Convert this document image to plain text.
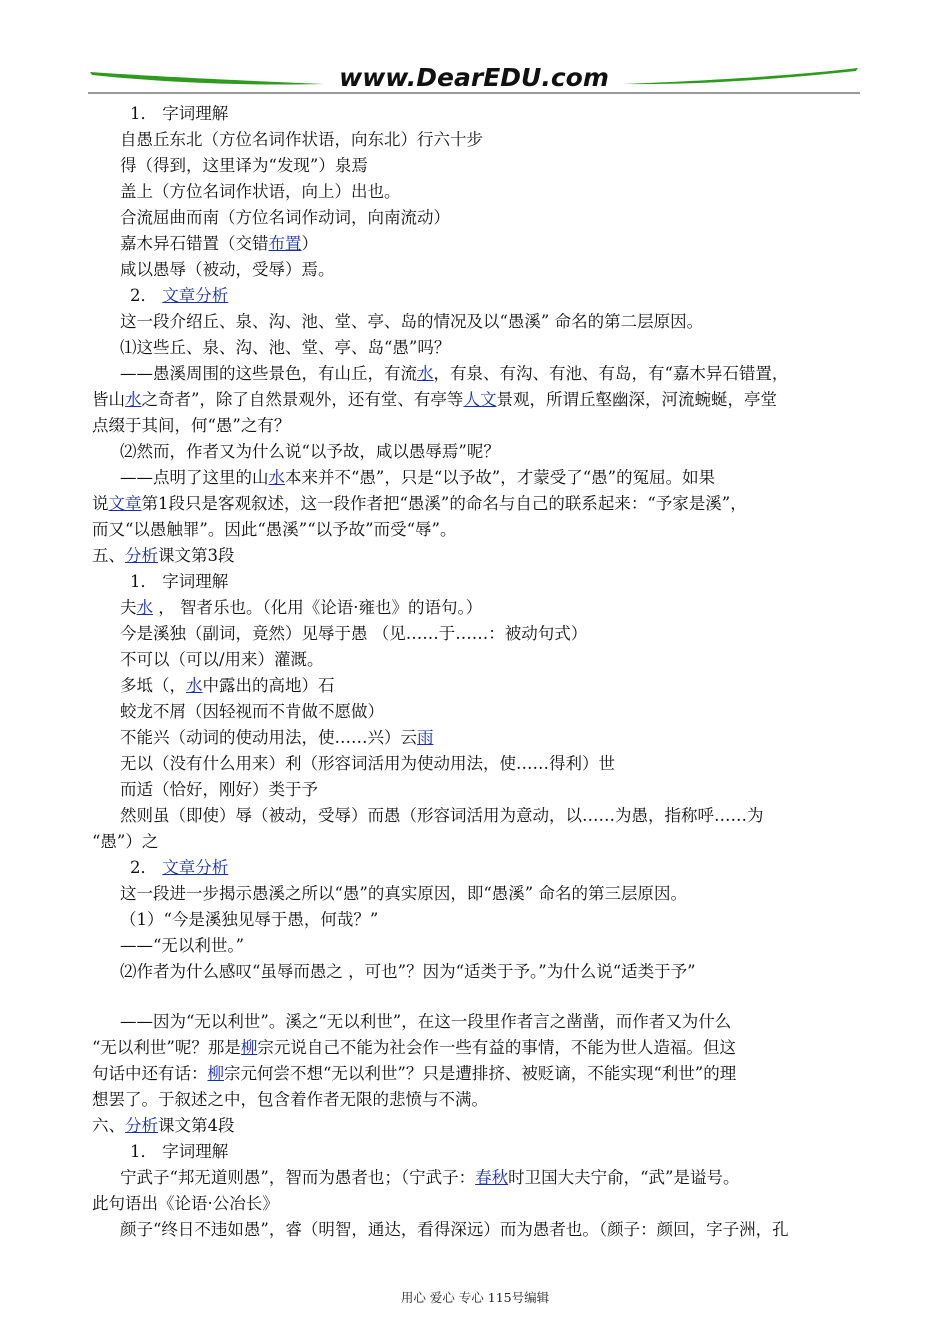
www.DearEDU.com
1． 字词理解
自愚丘东北（方位名词作状语，向东北）行六十步
得（得到，这里译为“发现”）泉焉
盖上（方位名词作状语，向上）出也。
合流屈曲而南（方位名词作动词，向南流动）
嘉木异石错置（交错布置）
咸以愚辱（被动，受辱）焉。
2． 文章分析
这一段介绍丘、泉、沟、池、堂、亭、岛的情况及以“愚溪” 命名的第二层原因。
⑴这些丘、泉、沟、池、堂、亭、岛“愚”吗？
——愚溪周围的这些景色，有山丘，有流水，有泉、有沟、有池、有岛，有“嘉木异石错置，
皆山水之奇者”，除了自然景观外，还有堂、有亭等人文景观，所谓丘壑幽深，河流蜿蜒，亭堂
点缀于其间，何“愚”之有？
⑵然而，作者又为什么说“以予故，咸以愚辱焉”呢？
——点明了这里的山水本来并不“愚”，只是“以予故”，才蒙受了“愚”的冤屈。如果
说文章第1段只是客观叙述，这一段作者把“愚溪”的命名与自己的联系起来：“予家是溪”，
而又“以愚触罪”。因此“愚溪”“以予故”而受“辱”。
五、分析课文第3段
1． 字词理解
夫水 ， 智者乐也。（化用《论语·雍也》的语句。）
今是溪独（副词，竟然）见辱于愚 （见……于……：被动句式）
不可以（可以/用来）灌溉。
多坻（，水中露出的高地）石
蛟龙不屑（因轻视而不肯做不愿做）
不能兴（动词的使动用法，使……兴）云雨
无以（没有什么用来）利（形容词活用为使动用法，使……得利）世
而适（恰好，刚好）类于予
然则虽（即使）辱（被动，受辱）而愚（形容词活用为意动，以……为愚，指称呼……为
“愚”）之
2． 文章分析
这一段进一步揭示愚溪之所以“愚”的真实原因，即“愚溪” 命名的第三层原因。
（1）“今是溪独见辱于愚，何哉？”
——“无以利世。”
⑵作者为什么感叹“虽辱而愚之 ，可也”？因为“适类于予。”为什么说“适类于予”
——因为“无以利世”。溪之“无以利世”，在这一段里作者言之凿凿，而作者又为什么
“无以利世”呢？那是柳宗元说自己不能为社会作一些有益的事情，不能为世人造福。但这
句话中还有话：柳宗元何尝不想“无以利世”？只是遭排挤、被贬谪，不能实现“利世”的理
想罢了。于叙述之中，包含着作者无限的悲愤与不满。
六、分析课文第4段
1． 字词理解
宁武子“邦无道则愚”，智而为愚者也；（宁武子：春秋时卫国大夫宁俞，“武”是谥号。
此句语出《论语·公冶长》
颜子“终日不违如愚”，睿（明智，通达，看得深远）而为愚者也。（颜子：颜回，字子洲，孔
用心 爱心 专心 115号编辑
